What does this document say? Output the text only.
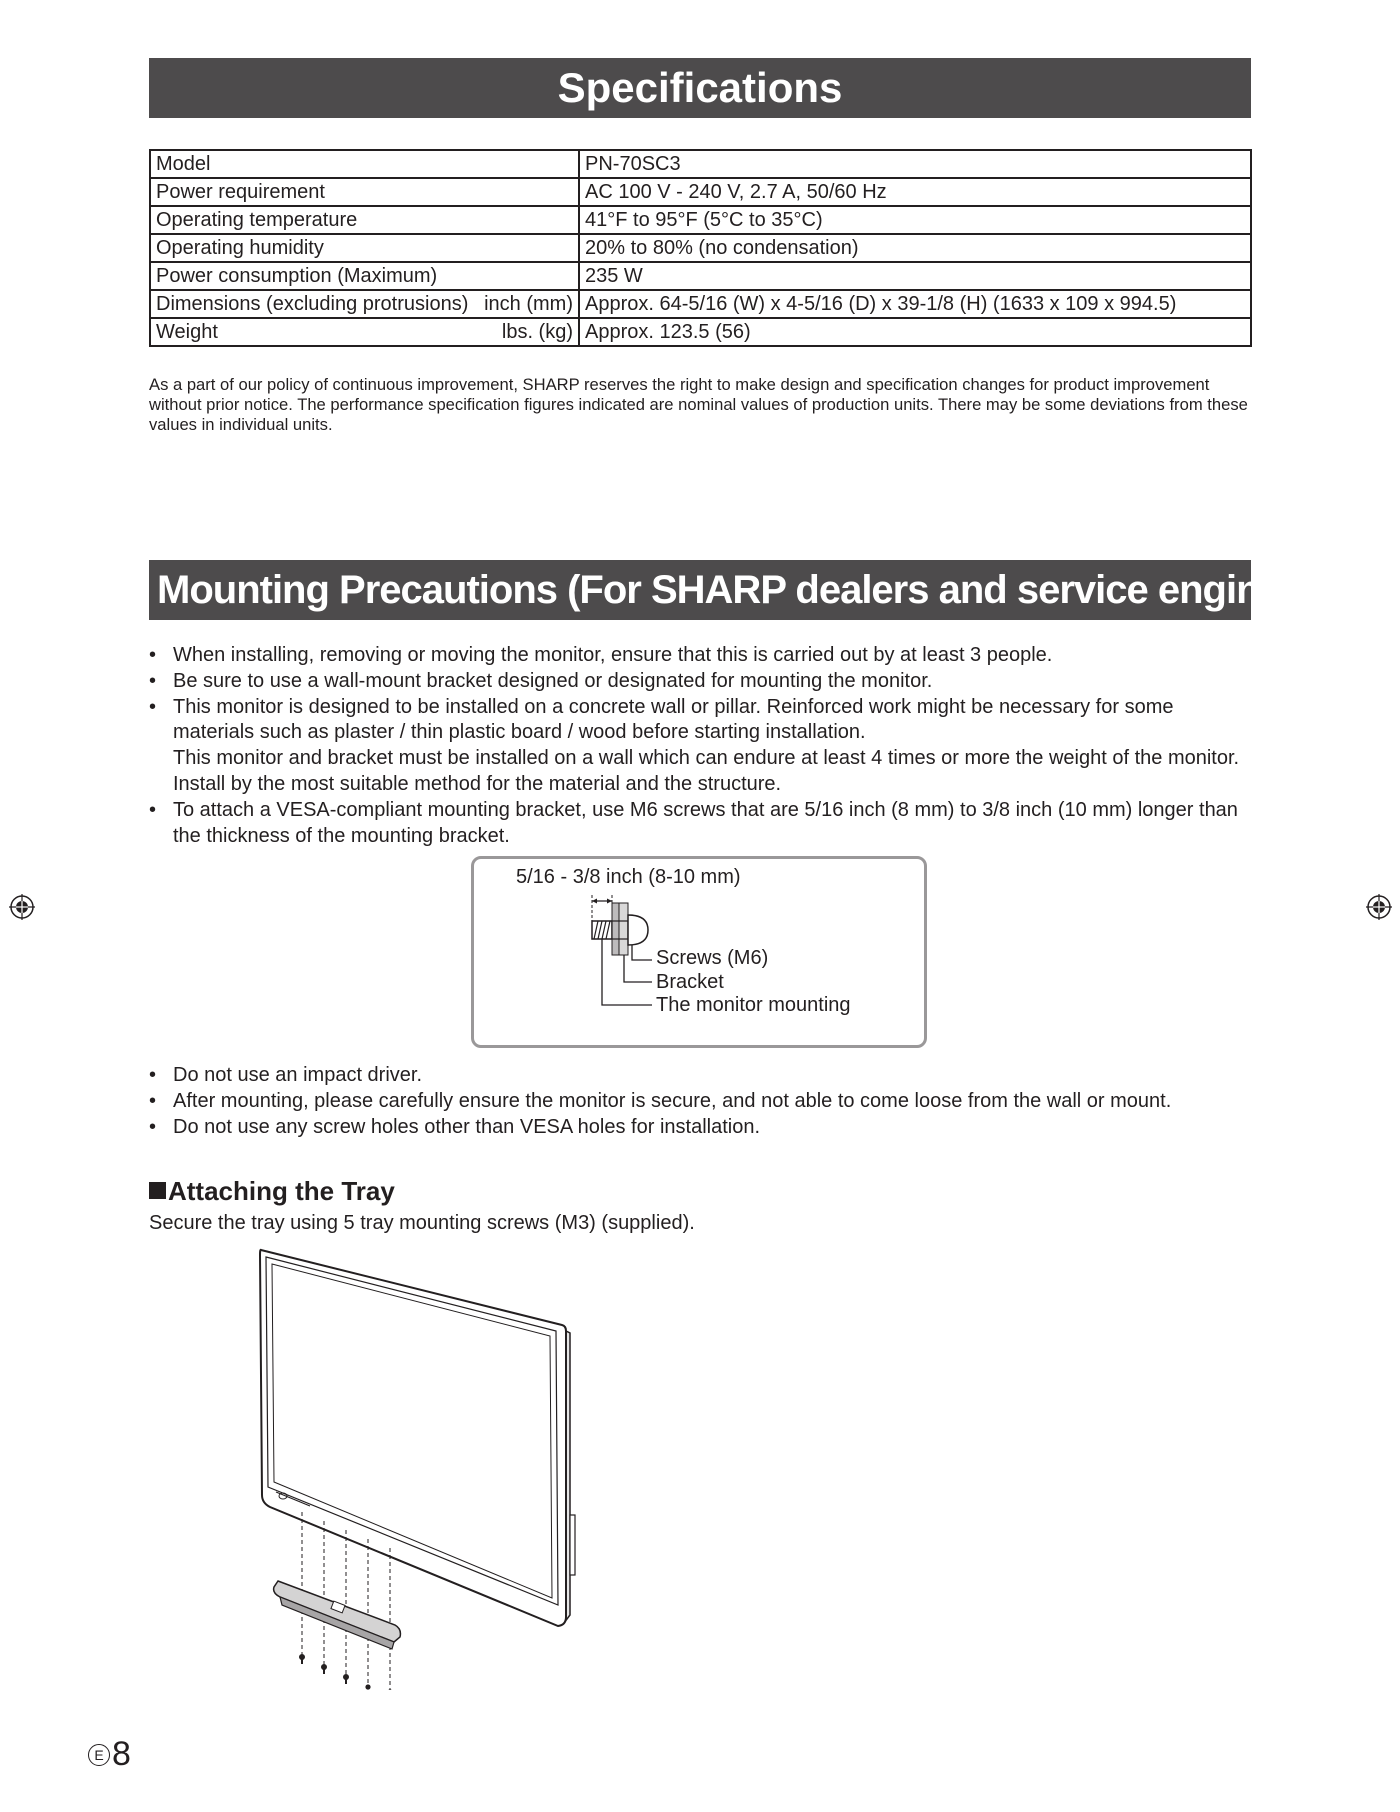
Specifications
Model	PN-70SC3

Power requirement	AC 100 V - 240 V, 2.7 A, 50/60 Hz

Operating temperature	41°F to 95°F (5°C to 35°C)

Operating humidity	20% to 80% (no condensation)

Power consumption (Maximum)	235 W

Dimensions (excluding protrusions) inch (mm)	Approx. 64-5/16 (W) x 4-5/16 (D) x 39-1/8 (H) (1633 x 109 x 994.5)

Weight lbs. (kg)	Approx. 123.5 (56)

As a part of our policy of continuous improvement, SHARP reserves the right to make design and specification changes for product improvement without prior notice. The performance specification figures indicated are nominal values of production units. There may be some deviations from these values in individual units.

Mounting Precautions (For SHARP dealers and service engineers)
• When installing, removing or moving the monitor, ensure that this is carried out by at least 3 people.
• Be sure to use a wall-mount bracket designed or designated for mounting the monitor.
• This monitor is designed to be installed on a concrete wall or pillar. Reinforced work might be necessary for some materials such as plaster / thin plastic board / wood before starting installation.
This monitor and bracket must be installed on a wall which can endure at least 4 times or more the weight of the monitor. Install by the most suitable method for the material and the structure.
• To attach a VESA-compliant mounting bracket, use M6 screws that are 5/16 inch (8 mm) to 3/8 inch (10 mm) longer than the thickness of the mounting bracket.
5/16 - 3/8 inch (8-10 mm)
Screws (M6)
Bracket
The monitor mounting
• Do not use an impact driver.
• After mounting, please carefully ensure the monitor is secure, and not able to come loose from the wall or mount.
• Do not use any screw holes other than VESA holes for installation.
Attaching the Tray
Secure the tray using 5 tray mounting screws (M3) (supplied).
E 8
